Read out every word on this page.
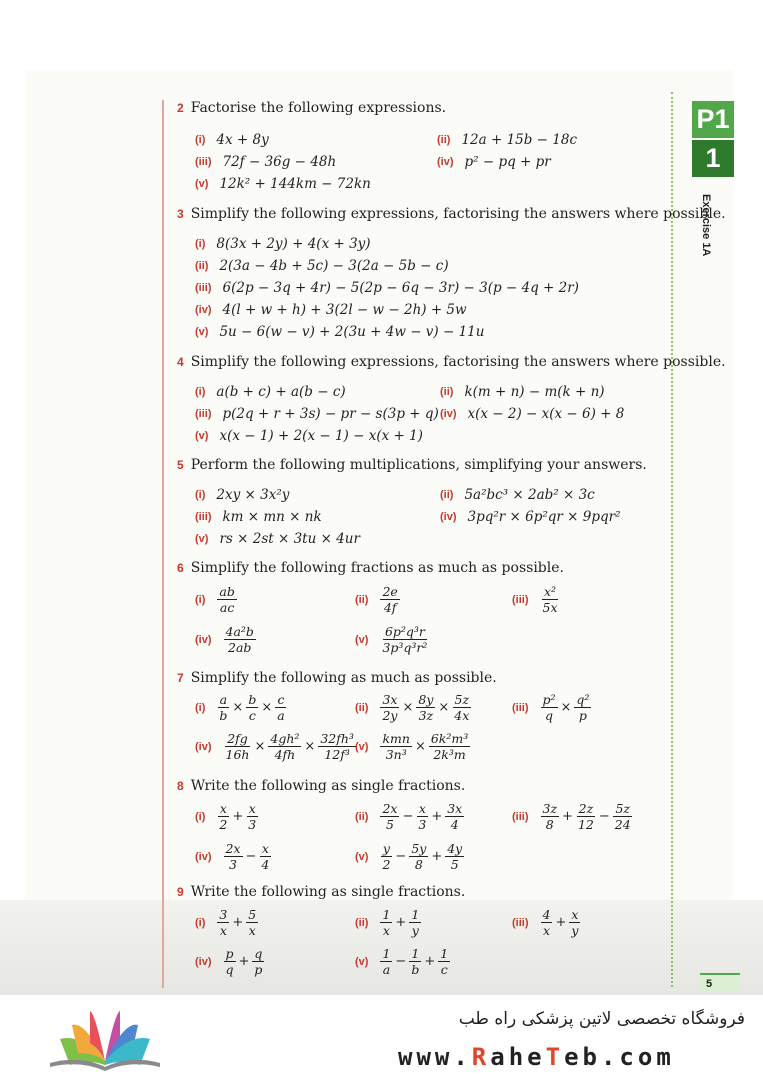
P1
1
Exercise 1A
5
2 Factorise the following expressions.
(i) 4x + 8y	(ii) 12a + 15b − 18c
(iii) 72f − 36g − 48h	(iv) p² − pq + pr
(v) 12k² + 144km − 72kn
3 Simplify the following expressions, factorising the answers where possible.
(i) 8(3x + 2y) + 4(x + 3y)
(ii) 2(3a − 4b + 5c) − 3(2a − 5b − c)
(iii) 6(2p − 3q + 4r) − 5(2p − 6q − 3r) − 3(p − 4q + 2r)
(iv) 4(l + w + h) + 3(2l − w − 2h) + 5w
(v) 5u − 6(w − v) + 2(3u + 4w − v) − 11u
4 Simplify the following expressions, factorising the answers where possible.
(i) a(b + c) + a(b − c)	(ii) k(m + n) − m(k + n)
(iii) p(2q + r + 3s) − pr − s(3p + q) (iv) x(x − 2) − x(x − 6) + 8
(v) x(x − 1) + 2(x − 1) − x(x + 1)
5 Perform the following multiplications, simplifying your answers.
(i) 2xy × 3x²y	(ii) 5a²bc³ × 2ab² × 3c
(iii) km × mn × nk	(iv) 3pq²r × 6p²qr × 9pqr²
(v) rs × 2st × 3tu × 4ur
6 Simplify the following fractions as much as possible.
$(i) \frac{ab}{ac}$	$(ii) \frac{2e}{4f}$	$(iii) \frac{\text{x²}}{5x}$
$(iv) \frac{\text{4a²b}}{2ab}$	$(v) \frac{\text{6p²q³r}}{\text{3p³q³r²}}$
7 Simplify the following as much as possible.
$(i) \frac{a}{b} \times \frac{b}{c} \times \frac{c}{a}$	$(ii) \frac{3x}{2y} \times \frac{8y}{3z} \times \frac{5z}{4x}$	$(iii) \frac{\text{p²}}{q} \times \frac{\text{q²}}{p}$
$(iv) \frac{2fg}{16h} \times \frac{\text{4gh²}}{4fh} \times \frac{\text{32fh³}}{\text{12f³}} (v) \frac{\text{kmn}}{\text{3n³}} \times \frac{\text{6k²m³}}{\text{2k³m}}$
8 Write the following as single fractions.
$(i) \frac{x}{2} + \frac{x}{3}$	$(ii) \frac{2x}{5} - \frac{x}{3} + \frac{3x}{4}$	$(iii) \frac{3z}{8} + \frac{2z}{12} - \frac{5z}{24}$
$(iv) \frac{2x}{3} - \frac{x}{4}$	$(v) \frac{y}{2} - \frac{5y}{8} + \frac{4y}{5}$
9 Write the following as single fractions.
$(i) \frac{3}{x} + \frac{5}{x}$	$(ii) \frac{1}{x} + \frac{1}{y}$	$(iii) \frac{4}{x} + \frac{x}{y}$
$(iv) \frac{p}{q} + \frac{q}{p}$	$(v) \frac{1}{a} - \frac{1}{b} + \frac{1}{c}$
فروشگاه تخصصی لاتین پزشکی راه طب
www.RaheTeb.com
